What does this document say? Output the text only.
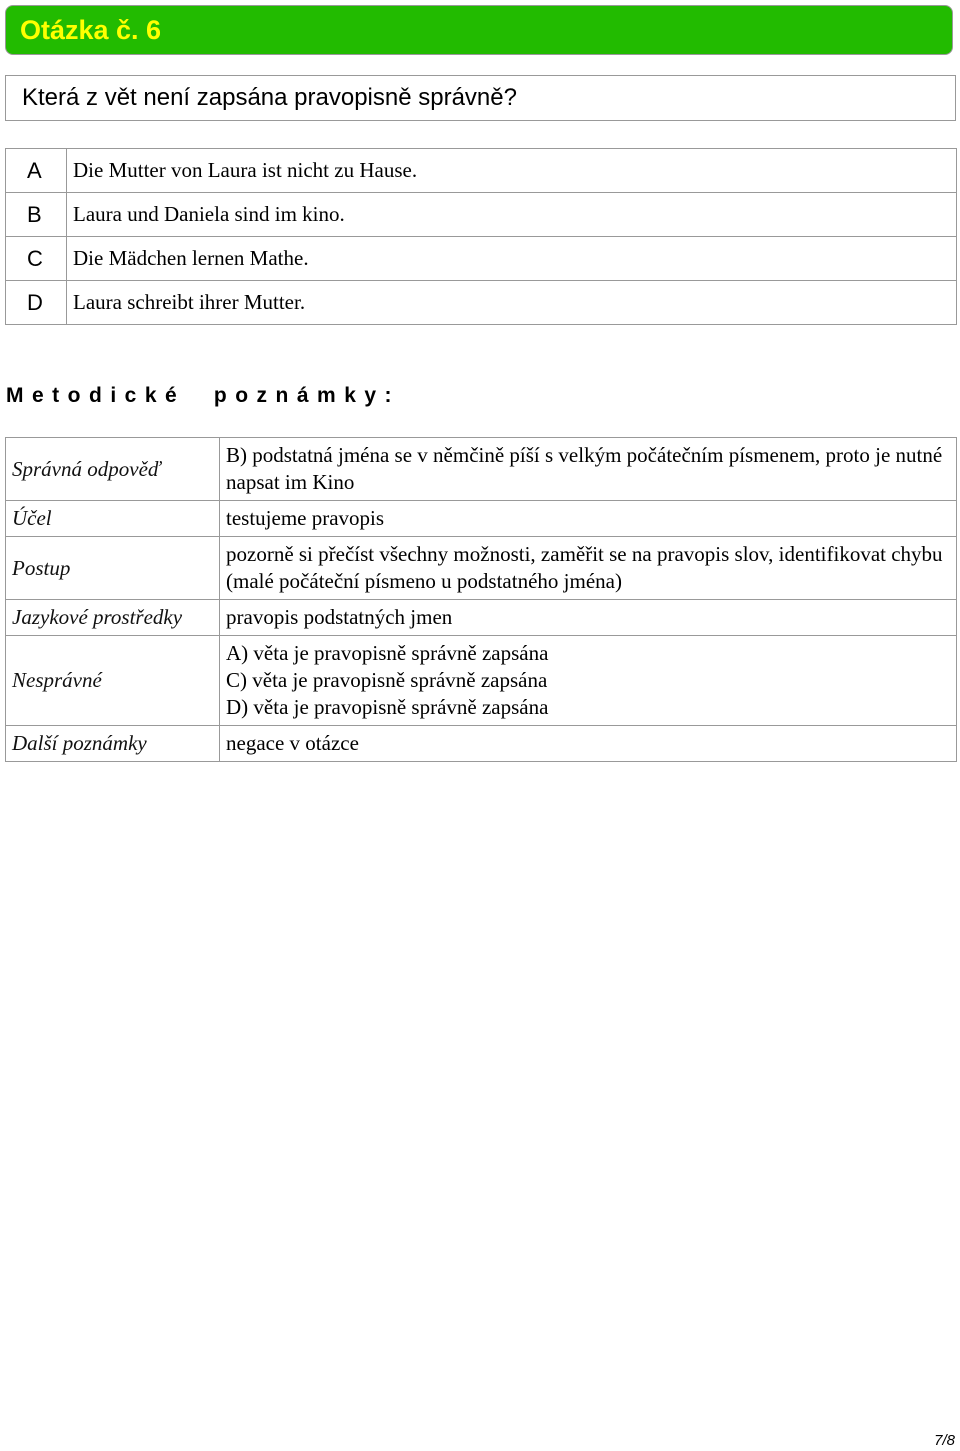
Otázka č. 6
Která z vět není zapsána pravopisně správně?
A	Die Mutter von Laura ist nicht zu Hause.
B	Laura und Daniela sind im kino.
C	Die Mädchen lernen Mathe.
D	Laura schreibt ihrer Mutter.
Metodické  poznámky:
Správná odpověď	B) podstatná jména se v němčině píší s velkým počátečním písmenem, proto je nutné napsat im Kino

Účel	testujeme pravopis

Postup	pozorně si přečíst všechny možnosti, zaměřit se na pravopis slov, identifikovat chybu (malé počáteční písmeno u podstatného jména)

Jazykové prostředky	pravopis podstatných jmen

Nesprávné	A) věta je pravopisně správně zapsána
C) věta je pravopisně správně zapsána
D) věta je pravopisně správně zapsána

Další poznámky	negace v otázce
7/8
